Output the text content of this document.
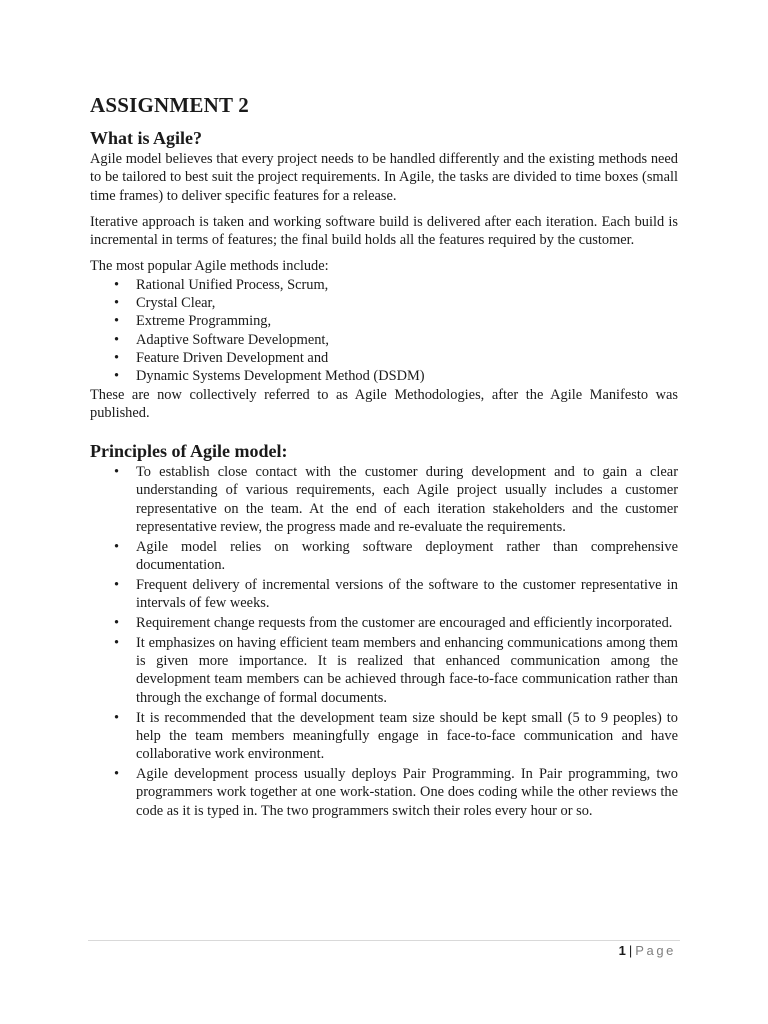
ASSIGNMENT 2
What is Agile?

Agile model believes that every project needs to be handled differently and the existing methods need to be tailored to best suit the project requirements. In Agile, the tasks are divided to time boxes (small time frames) to deliver specific features for a release.

Iterative approach is taken and working software build is delivered after each iteration. Each build is incremental in terms of features; the final build holds all the features required by the customer.

The most popular Agile methods include:

• Rational Unified Process, Scrum,
• Crystal Clear,
• Extreme Programming,
• Adaptive Software Development,
• Feature Driven Development and
• Dynamic Systems Development Method (DSDM)

These are now collectively referred to as Agile Methodologies, after the Agile Manifesto was published.

Principles of Agile model:
• To establish close contact with the customer during development and to gain a clear understanding of various requirements, each Agile project usually includes a customer representative on the team. At the end of each iteration stakeholders and the customer representative review, the progress made and re-evaluate the requirements.
• Agile model relies on working software deployment rather than comprehensive documentation.
• Frequent delivery of incremental versions of the software to the customer representative in intervals of few weeks.
• Requirement change requests from the customer are encouraged and efficiently incorporated.
• It emphasizes on having efficient team members and enhancing communications among them is given more importance. It is realized that enhanced communication among the development team members can be achieved through face-to-face communication rather than through the exchange of formal documents.
• It is recommended that the development team size should be kept small (5 to 9 peoples) to help the team members meaningfully engage in face-to-face communication and have collaborative work environment.
• Agile development process usually deploys Pair Programming. In Pair programming, two programmers work together at one work-station. One does coding while the other reviews the code as it is typed in. The two programmers switch their roles every hour or so.
1 | Page
